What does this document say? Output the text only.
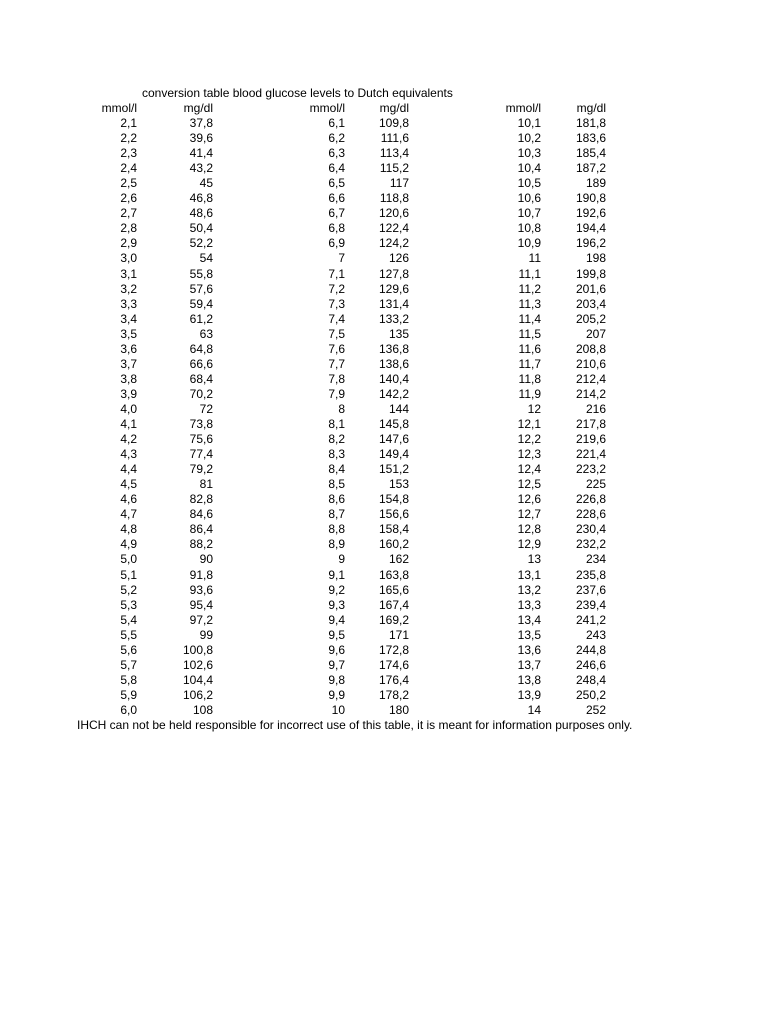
conversion table blood glucose levels to Dutch equivalents
mmol/l	mg/dl	mmol/l	mg/dl	mmol/l	mg/dl
2,1	37,8	6,1	109,8	10,1	181,8
2,2	39,6	6,2	111,6	10,2	183,6
2,3	41,4	6,3	113,4	10,3	185,4
2,4	43,2	6,4	115,2	10,4	187,2
2,5	45	6,5	117	10,5	189
2,6	46,8	6,6	118,8	10,6	190,8
2,7	48,6	6,7	120,6	10,7	192,6
2,8	50,4	6,8	122,4	10,8	194,4
2,9	52,2	6,9	124,2	10,9	196,2
3,0	54	7	126	11	198
3,1	55,8	7,1	127,8	11,1	199,8
3,2	57,6	7,2	129,6	11,2	201,6
3,3	59,4	7,3	131,4	11,3	203,4
3,4	61,2	7,4	133,2	11,4	205,2
3,5	63	7,5	135	11,5	207
3,6	64,8	7,6	136,8	11,6	208,8
3,7	66,6	7,7	138,6	11,7	210,6
3,8	68,4	7,8	140,4	11,8	212,4
3,9	70,2	7,9	142,2	11,9	214,2
4,0	72	8	144	12	216
4,1	73,8	8,1	145,8	12,1	217,8
4,2	75,6	8,2	147,6	12,2	219,6
4,3	77,4	8,3	149,4	12,3	221,4
4,4	79,2	8,4	151,2	12,4	223,2
4,5	81	8,5	153	12,5	225
4,6	82,8	8,6	154,8	12,6	226,8
4,7	84,6	8,7	156,6	12,7	228,6
4,8	86,4	8,8	158,4	12,8	230,4
4,9	88,2	8,9	160,2	12,9	232,2
5,0	90	9	162	13	234
5,1	91,8	9,1	163,8	13,1	235,8
5,2	93,6	9,2	165,6	13,2	237,6
5,3	95,4	9,3	167,4	13,3	239,4
5,4	97,2	9,4	169,2	13,4	241,2
5,5	99	9,5	171	13,5	243
5,6	100,8	9,6	172,8	13,6	244,8
5,7	102,6	9,7	174,6	13,7	246,6
5,8	104,4	9,8	176,4	13,8	248,4
5,9	106,2	9,9	178,2	13,9	250,2
6,0	108	10	180	14	252
IHCH can not be held responsible for incorrect use of this table, it is meant for information purposes only.
